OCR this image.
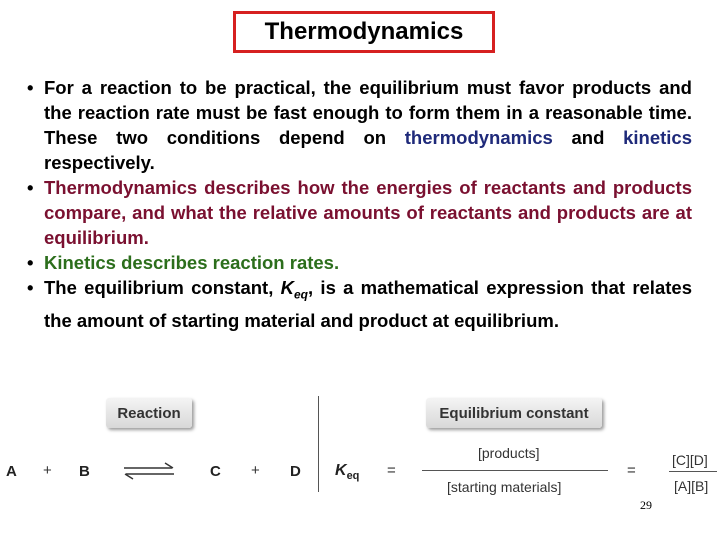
Thermodynamics
• For a reaction to be practical, the equilibrium must favor products and the reaction rate must be fast enough to form them in a reasonable time. These two conditions depend on thermodynamics and kinetics respectively.
• Thermodynamics describes how the energies of reactants and products compare, and what the relative amounts of reactants and products are at equilibrium.
• Kinetics describes reaction rates.
• The equilibrium constant, $K_{eq}$, is a mathematical expression that relates the amount of starting material and product at equilibrium.
Reaction	Equilibrium constant
A + B	C + D $K_{eq}$ =
[products]
[starting materials]
=
[C][D]
[A][B]
29
